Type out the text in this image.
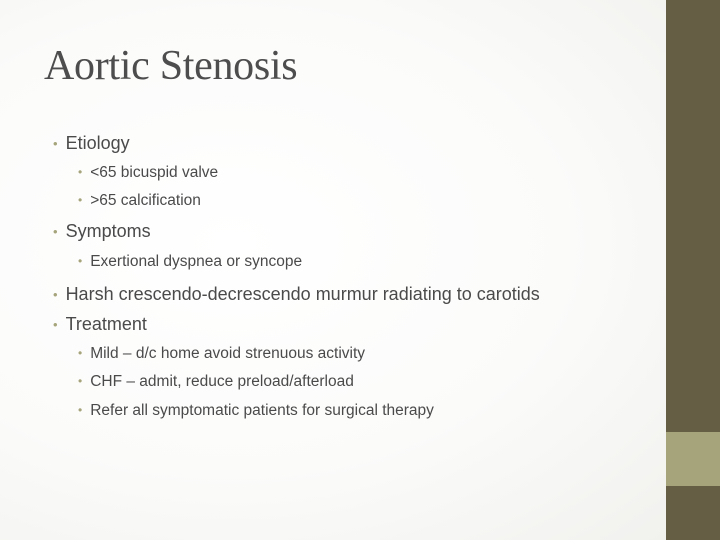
Aortic Stenosis
• Etiology
• <65 bicuspid valve
• >65 calcification
• Symptoms
• Exertional dyspnea or syncope
• Harsh crescendo-decrescendo murmur radiating to carotids
• Treatment
• Mild – d/c home avoid strenuous activity
• CHF – admit, reduce preload/afterload
• Refer all symptomatic patients for surgical therapy
